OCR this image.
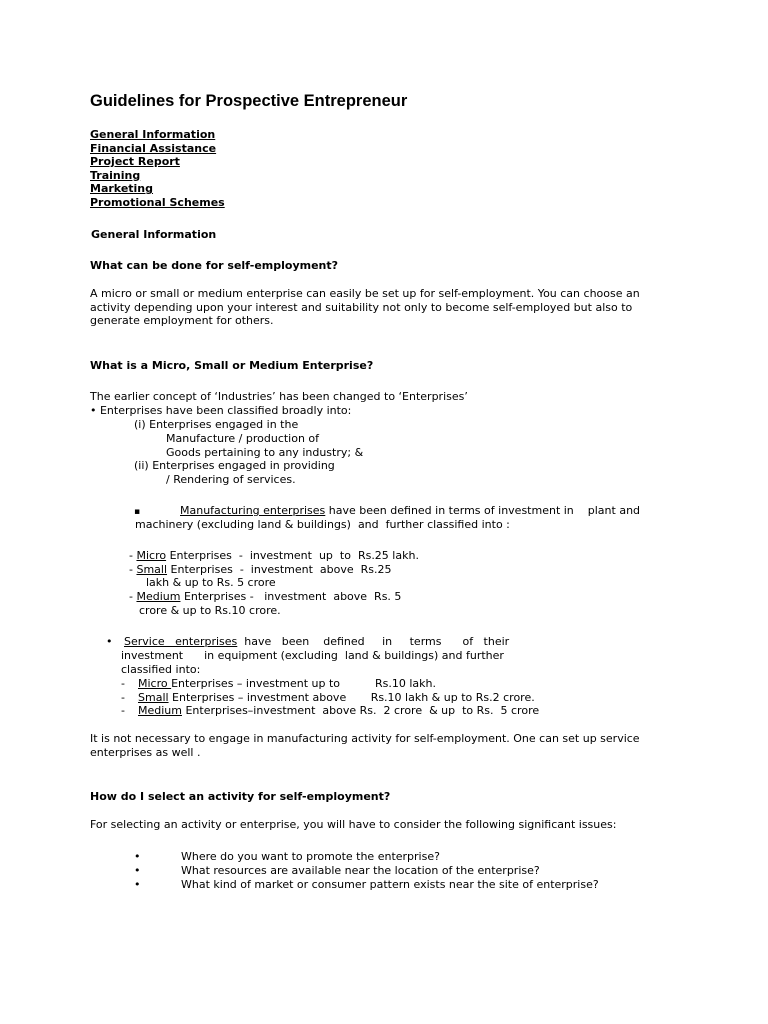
Guidelines for Prospective Entrepreneur
General Information
Financial Assistance
Project Report
Training
Marketing
Promotional Schemes
General Information
What can be done for self-employment?
A micro or small or medium enterprise can easily be set up for self-employment. You can choose an
activity depending upon your interest and suitability not only to become self-employed but also to
generate employment for others.
What is a Micro, Small or Medium Enterprise?
The earlier concept of ‘Industries’ has been changed to ‘Enterprises’
• Enterprises have been classified broadly into:
(i) Enterprises engaged in the
Manufacture / production of
Goods pertaining to any industry; &
(ii) Enterprises engaged in providing
/ Rendering of services.
▪	Manufacturing enterprises have been defined in terms of investment in    plant and
machinery (excluding land & buildings)  and  further classified into :
- Micro Enterprises  -  investment  up  to  Rs.25 lakh.
- Small Enterprises  -  investment  above  Rs.25
lakh & up to Rs. 5 crore
- Medium Enterprises -   investment  above  Rs. 5
crore & up to Rs.10 crore.
• Service   enterprises  have   been    defined     in     terms      of   their
investment      in equipment (excluding  land & buildings) and further
classified into:
- Micro Enterprises – investment up to          Rs.10 lakh.
- Small Enterprises – investment above       Rs.10 lakh & up to Rs.2 crore.
- Medium Enterprises–investment  above Rs.  2 crore  & up  to Rs.  5 crore
It is not necessary to engage in manufacturing activity for self-employment. One can set up service
enterprises as well .
How do I select an activity for self-employment?
For selecting an activity or enterprise, you will have to consider the following significant issues:
•	Where do you want to promote the enterprise?
•	What resources are available near the location of the enterprise?
•	What kind of market or consumer pattern exists near the site of enterprise?
